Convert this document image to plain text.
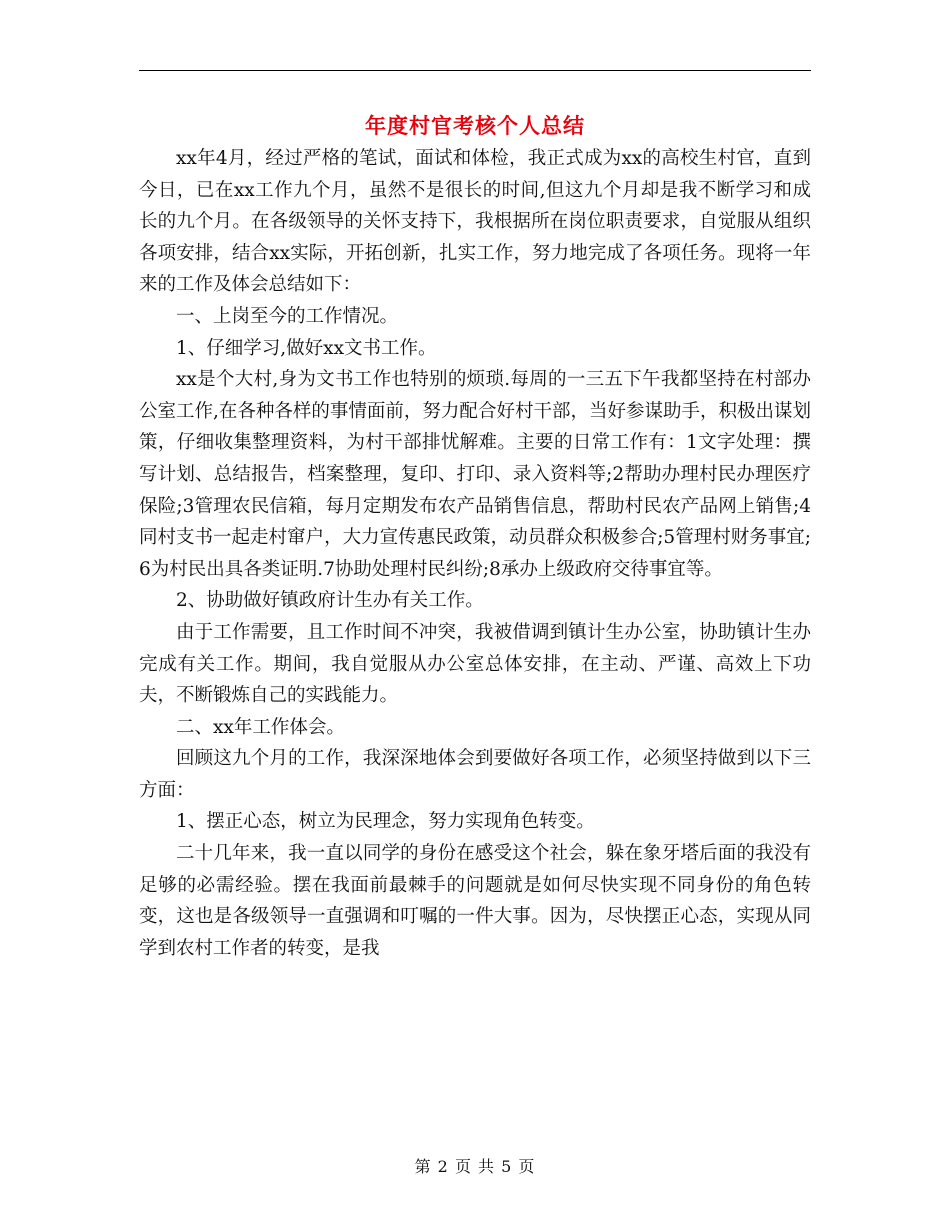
年度村官考核个人总结

xx年4月，经过严格的笔试，面试和体检，我正式成为xx的高校生村官，直到今日，已在xx工作九个月，虽然不是很长的时间,但这九个月却是我不断学习和成长的九个月。在各级领导的关怀支持下，我根据所在岗位职责要求，自觉服从组织各项安排，结合xx实际，开拓创新，扎实工作，努力地完成了各项任务。现将一年来的工作及体会总结如下：

一、上岗至今的工作情况。

1、仔细学习,做好xx文书工作。

xx是个大村,身为文书工作也特别的烦琐.每周的一三五下午我都坚持在村部办公室工作,在各种各样的事情面前，努力配合好村干部，当好参谋助手，积极出谋划策，仔细收集整理资料，为村干部排忧解难。主要的日常工作有：1文字处理：撰写计划、总结报告，档案整理，复印、打印、录入资料等;2帮助办理村民办理医疗保险;3管理农民信箱，每月定期发布农产品销售信息，帮助村民农产品网上销售;4同村支书一起走村窜户，大力宣传惠民政策，动员群众积极参合;5管理村财务事宜;6为村民出具各类证明.7协助处理村民纠纷;8承办上级政府交待事宜等。

2、协助做好镇政府计生办有关工作。

由于工作需要，且工作时间不冲突，我被借调到镇计生办公室，协助镇计生办完成有关工作。期间，我自觉服从办公室总体安排，在主动、严谨、高效上下功夫，不断锻炼自己的实践能力。

二、xx年工作体会。

回顾这九个月的工作，我深深地体会到要做好各项工作，必须坚持做到以下三方面：

1、摆正心态，树立为民理念，努力实现角色转变。

二十几年来，我一直以同学的身份在感受这个社会，躲在象牙塔后面的我没有足够的必需经验。摆在我面前最棘手的问题就是如何尽快实现不同身份的角色转变，这也是各级领导一直强调和叮嘱的一件大事。因为，尽快摆正心态，实现从同学到农村工作者的转变，是我

第 2 页 共 5 页
